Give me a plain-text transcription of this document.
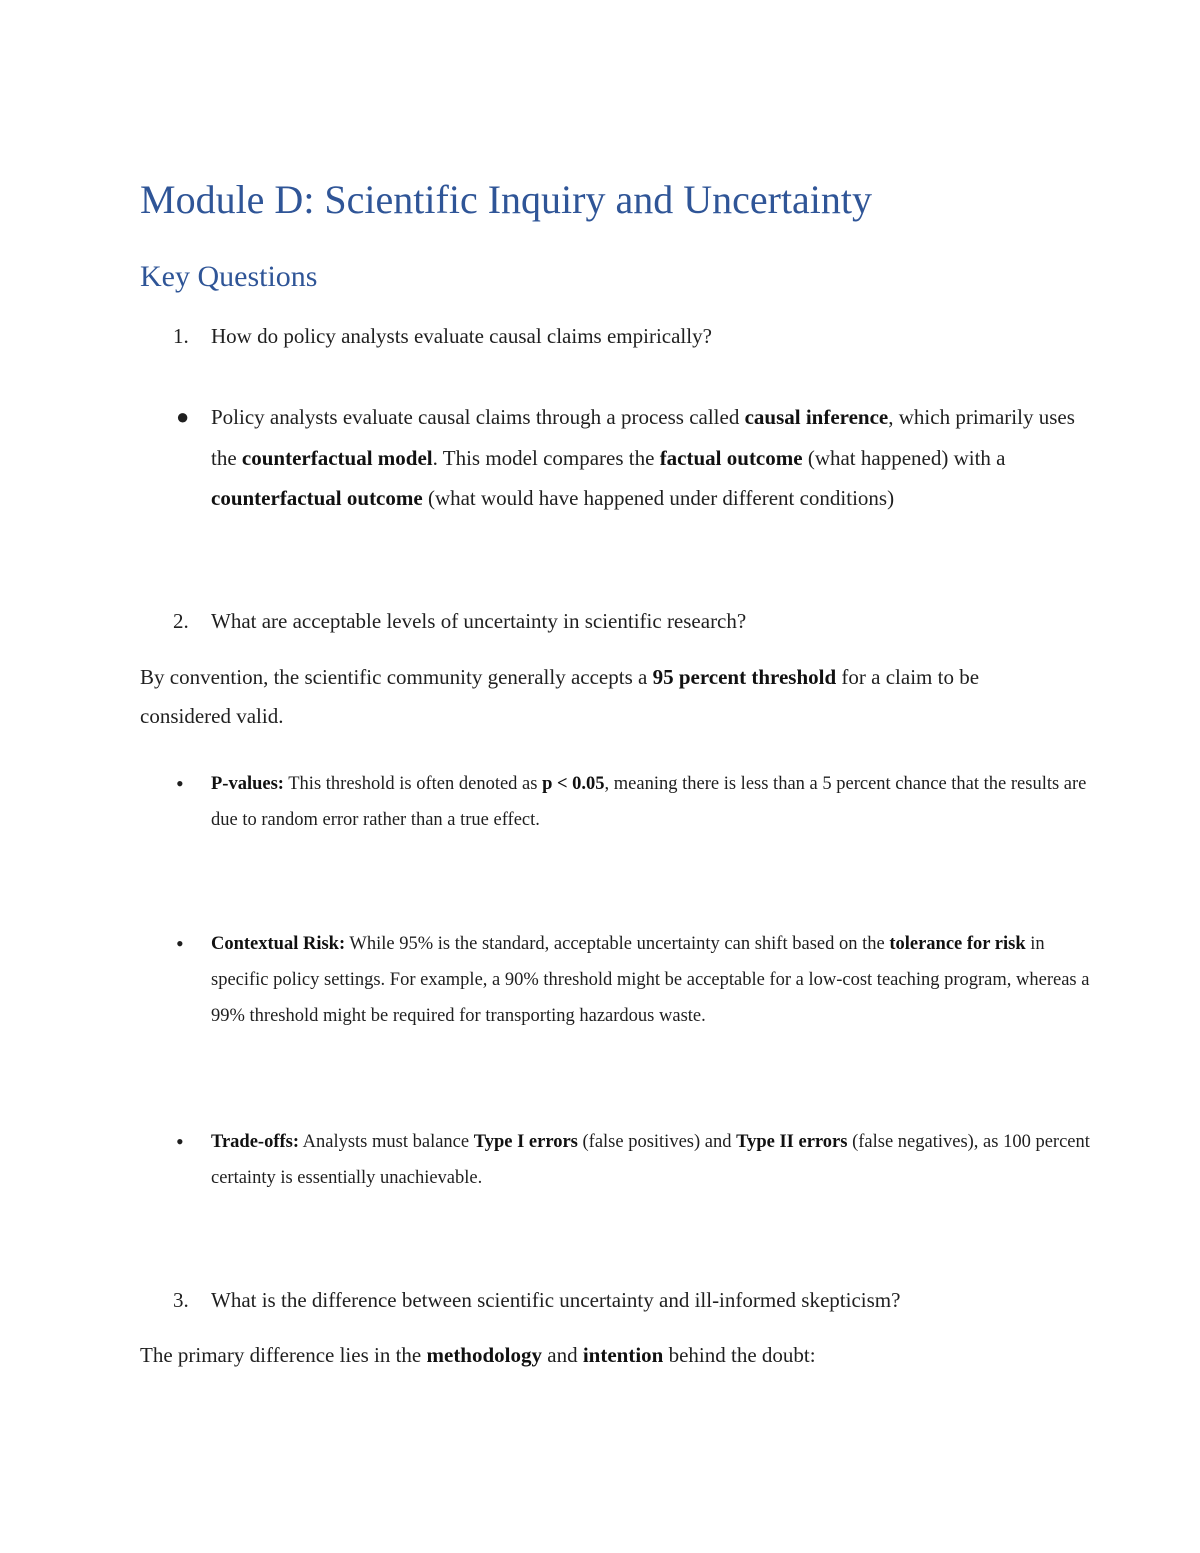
Module D: Scientific Inquiry and Uncertainty
Key Questions
1. How do policy analysts evaluate causal claims empirically?
● Policy analysts evaluate causal claims through a process called causal inference, which primarily uses the counterfactual model. This model compares the factual outcome (what happened) with a counterfactual outcome (what would have happened under different conditions)
2. What are acceptable levels of uncertainty in scientific research?
By convention, the scientific community generally accepts a 95 percent threshold for a claim to be considered valid.
• P-values: This threshold is often denoted as p < 0.05, meaning there is less than a 5 percent chance that the results are due to random error rather than a true effect.
• Contextual Risk: While 95% is the standard, acceptable uncertainty can shift based on the tolerance for risk in specific policy settings. For example, a 90% threshold might be acceptable for a low-cost teaching program, whereas a 99% threshold might be required for transporting hazardous waste.
• Trade-offs: Analysts must balance Type I errors (false positives) and Type II errors (false negatives), as 100 percent certainty is essentially unachievable.
3. What is the difference between scientific uncertainty and ill-informed skepticism?
The primary difference lies in the methodology and intention behind the doubt:
